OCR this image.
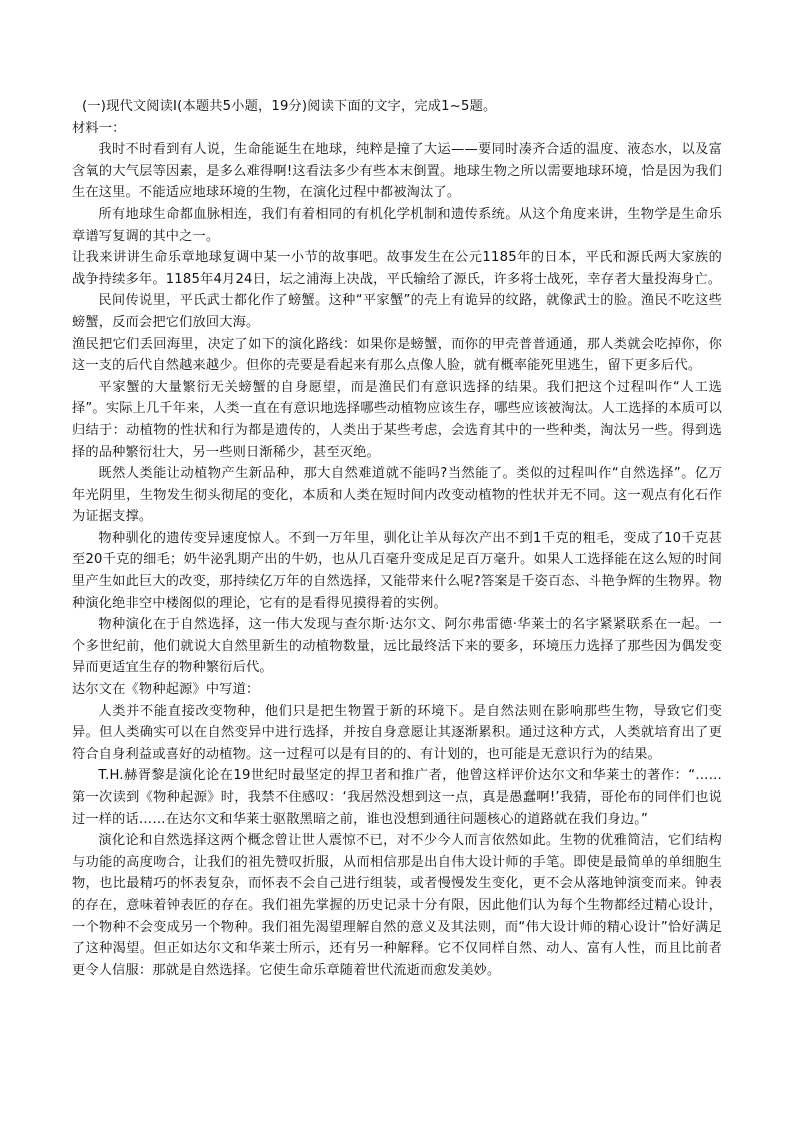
(一)现代文阅读Ⅰ(本题共5小题，19分)阅读下面的文字，完成1~5题。

材料一：

我时不时看到有人说，生命能诞生在地球，纯粹是撞了大运——要同时凑齐合适的温度、液态水，以及富含氧的大气层等因素，是多么难得啊!这看法多少有些本末倒置。地球生物之所以需要地球环境，恰是因为我们生在这里。不能适应地球环境的生物，在演化过程中都被淘汰了。

所有地球生命都血脉相连，我们有着相同的有机化学机制和遗传系统。从这个角度来讲，生物学是生命乐章谱写复调的其中之一。

让我来讲讲生命乐章地球复调中某一小节的故事吧。故事发生在公元1185年的日本，平氏和源氏两大家族的战争持续多年。1185年4月24日，坛之浦海上决战，平氏输给了源氏，许多将士战死，幸存者大量投海身亡。

民间传说里，平氏武士都化作了螃蟹。这种“平家蟹”的壳上有诡异的纹路，就像武士的脸。渔民不吃这些螃蟹，反而会把它们放回大海。

渔民把它们丢回海里，决定了如下的演化路线：如果你是螃蟹，而你的甲壳普普通通，那人类就会吃掉你，你这一支的后代自然越来越少。但你的壳要是看起来有那么点像人脸，就有概率能死里逃生，留下更多后代。

平家蟹的大量繁衍无关螃蟹的自身愿望，而是渔民们有意识选择的结果。我们把这个过程叫作“人工选择”。实际上几千年来，人类一直在有意识地选择哪些动植物应该生存，哪些应该被淘汰。人工选择的本质可以归结于：动植物的性状和行为都是遗传的，人类出于某些考虑，会选育其中的一些种类，淘汰另一些。得到选择的品种繁衍壮大，另一些则日渐稀少，甚至灭绝。

既然人类能让动植物产生新品种，那大自然难道就不能吗?当然能了。类似的过程叫作“自然选择”。亿万年光阴里，生物发生彻头彻尾的变化，本质和人类在短时间内改变动植物的性状并无不同。这一观点有化石作为证据支撑。

物种驯化的遗传变异速度惊人。不到一万年里，驯化让羊从每次产出不到1千克的粗毛，变成了10千克甚至20千克的细毛；奶牛泌乳期产出的牛奶，也从几百毫升变成足足百万毫升。如果人工选择能在这么短的时间里产生如此巨大的改变，那持续亿万年的自然选择，又能带来什么呢?答案是千姿百态、斗艳争辉的生物界。物种演化绝非空中楼阁似的理论，它有的是看得见摸得着的实例。

物种演化在于自然选择，这一伟大发现与查尔斯·达尔文、阿尔弗雷德·华莱士的名字紧紧联系在一起。一个多世纪前，他们就说大自然里新生的动植物数量，远比最终活下来的要多，环境压力选择了那些因为偶发变异而更适宜生存的物种繁衍后代。

达尔文在《物种起源》中写道：

人类并不能直接改变物种，他们只是把生物置于新的环境下。是自然法则在影响那些生物，导致它们变异。但人类确实可以在自然变异中进行选择，并按自身意愿让其逐渐累积。通过这种方式，人类就培育出了更符合自身利益或喜好的动植物。这一过程可以是有目的的、有计划的，也可能是无意识行为的结果。

T.H.赫胥黎是演化论在19世纪时最坚定的捍卫者和推广者，他曾这样评价达尔文和华莱士的著作：“……第一次读到《物种起源》时，我禁不住感叹：‘我居然没想到这一点，真是愚蠢啊!’我猜，哥伦布的同伴们也说过一样的话……在达尔文和华莱士驱散黑暗之前，谁也没想到通往问题核心的道路就在我们身边。”

演化论和自然选择这两个概念曾让世人震惊不已，对不少今人而言依然如此。生物的优雅简洁，它们结构与功能的高度吻合，让我们的祖先赞叹折服，从而相信那是出自伟大设计师的手笔。即使是最简单的单细胞生物，也比最精巧的怀表复杂，而怀表不会自己进行组装，或者慢慢发生变化，更不会从落地钟演变而来。钟表的存在，意味着钟表匠的存在。我们祖先掌握的历史记录十分有限，因此他们认为每个生物都经过精心设计，一个物种不会变成另一个物种。我们祖先渴望理解自然的意义及其法则，而“伟大设计师的精心设计”恰好满足了这种渴望。但正如达尔文和华莱士所示，还有另一种解释。它不仅同样自然、动人、富有人性，而且比前者更令人信服：那就是自然选择。它使生命乐章随着世代流逝而愈发美妙。
